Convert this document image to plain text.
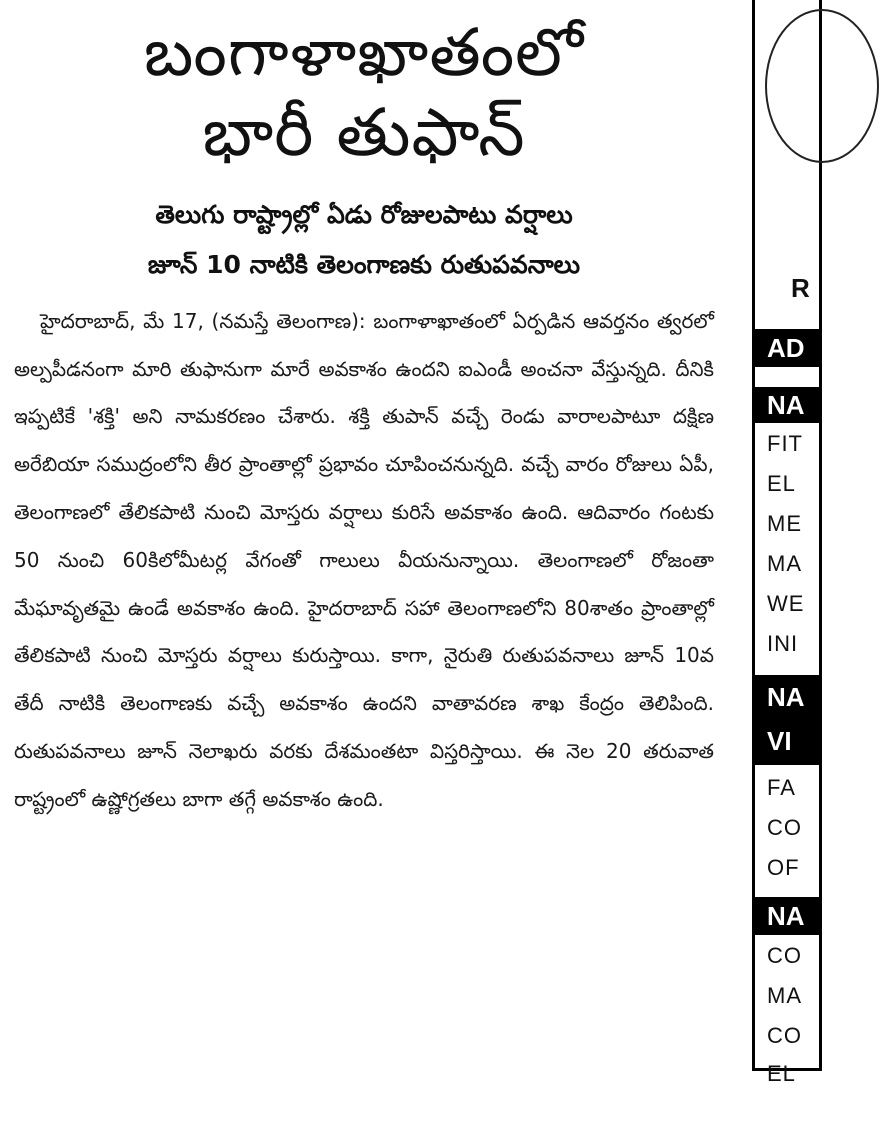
బంగాళాఖాతంలో
భారీ తుఫాన్
తెలుగు రాష్ట్రాల్లో ఏడు రోజులపాటు వర్షాలు
జూన్ 10 నాటికి తెలంగాణకు రుతుపవనాలు

హైదరాబాద్, మే 17, (నమస్తే తెలంగాణ): బంగాళాఖాతంలో ఏర్పడిన ఆవర్తనం త్వరలో అల్పపీడనంగా మారి తుఫానుగా మారే అవకాశం ఉందని ఐఎండీ అంచనా వేస్తున్నది. దీనికి ఇప్పటికే 'శక్తి' అని నామకరణం చేశారు. శక్తి తుపాన్ వచ్చే రెండు వారాలపాటూ దక్షిణ అరేబియా సముద్రంలోని తీర ప్రాంతాల్లో ప్రభావం చూపించనున్నది. వచ్చే వారం రోజులు ఏపీ, తెలంగాణలో తేలికపాటి నుంచి మోస్తరు వర్షాలు కురిసే అవకాశం ఉంది. ఆదివారం గంటకు 50 నుంచి 60కిలోమీటర్ల వేగంతో గాలులు వీయనున్నాయి. తెలంగాణలో రోజంతా మేఘావృతమై ఉండే అవకాశం ఉంది. హైదరాబాద్ సహా తెలంగాణలోని 80శాతం ప్రాంతాల్లో తేలికపాటి నుంచి మోస్తరు వర్షాలు కురుస్తాయి. కాగా, నైరుతి రుతుపవనాలు జూన్ 10వ తేదీ నాటికి తెలంగాణకు వచ్చే అవకాశం ఉందని వాతావరణ శాఖ కేంద్రం తెలిపింది. రుతుపవనాలు జూన్ నెలాఖరు వరకు దేశమంతటా విస్తరిస్తాయి. ఈ నెల 20 తరువాత రాష్ట్రంలో ఉష్ణోగ్రతలు బాగా తగ్గే అవకాశం ఉంది.

R
AD
NA
FIT
EL
ME
MA
WE
INI
NA
VI
FA
CO
OF
NA
CO
MA
CO
EL
